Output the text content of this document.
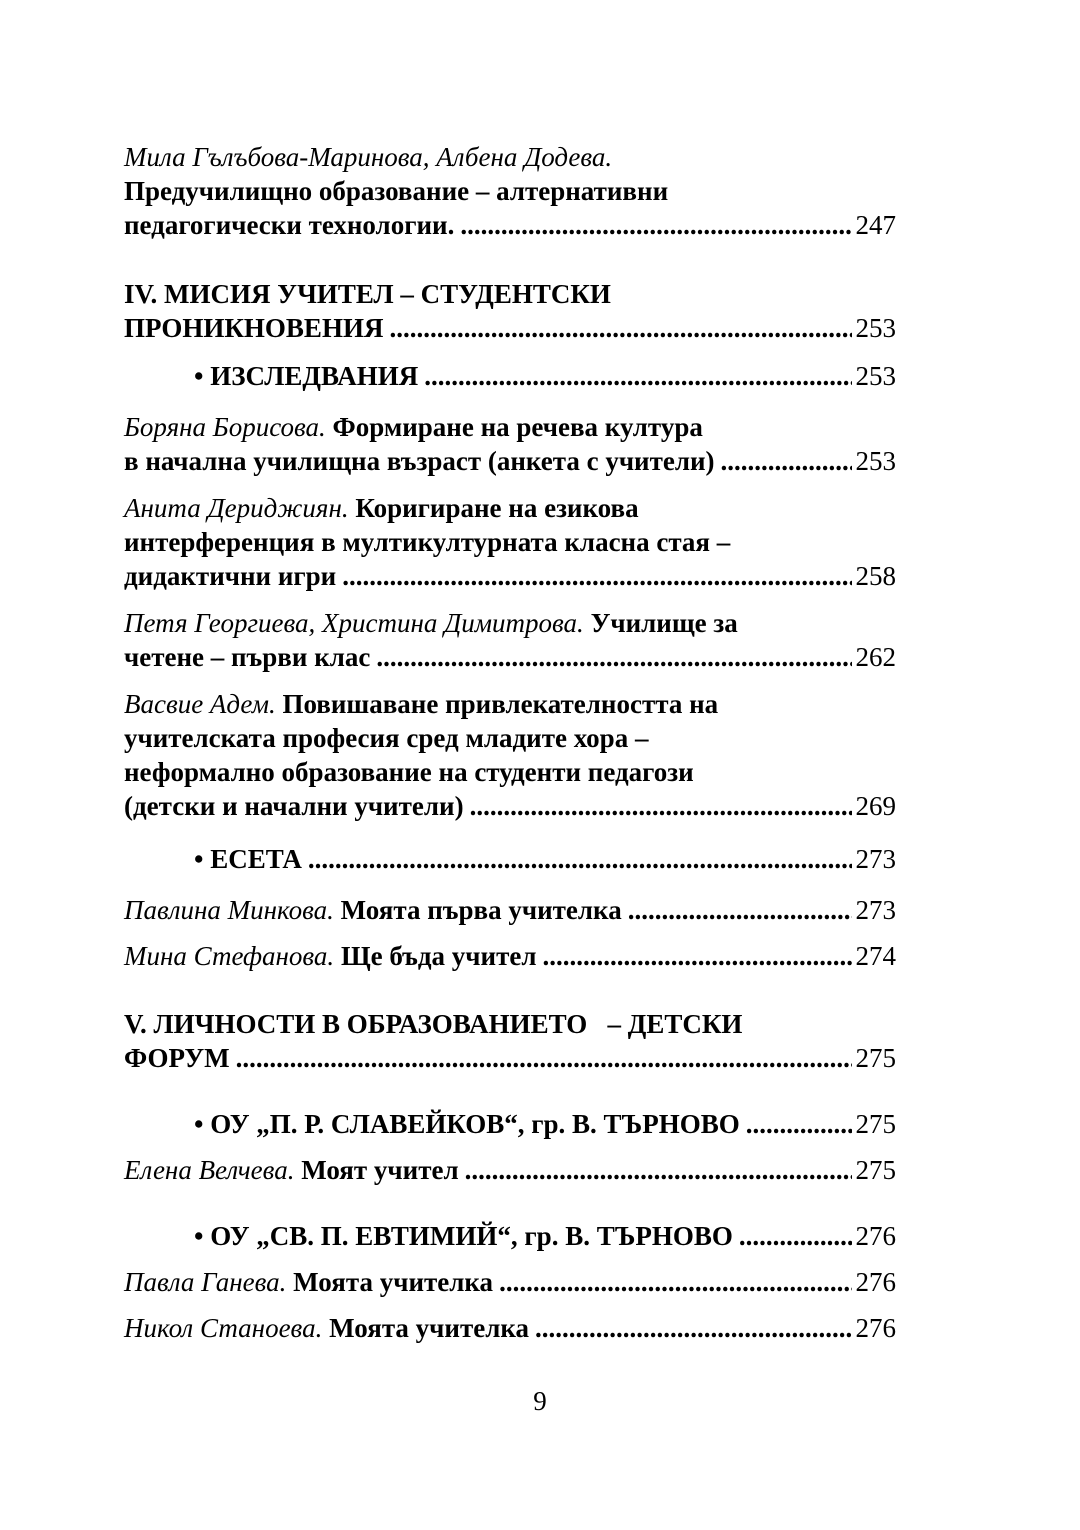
Мила Гълъбова-Маринова, Албена Додева.
Предучилищно образование – алтернативни
педагогически технологии. .....	247
IV. МИСИЯ УЧИТЕЛ – СТУДЕНТСКИ
ПРОНИКНОВЕНИЯ .....	253
• ИЗСЛЕДВАНИЯ .....	253
Боряна Борисова.
Формиране на речева култура
в начална училищна възраст (анкета с учители) .....	253
Анита Дериджиян.
Коригиране на езикова
интерференция в мултикултурната класна стая –
дидактични игри .....	258
Петя Георгиева, Христина Димитрова.
Училище за
четене – първи клас .....	262
Васвие Адем.
Повишаване привлекателността на
учителската професия сред младите хора –
неформално образование на студенти педагози
(детски и начални учители) .....	269
• ЕСЕТА .....	273
Павлина Минкова.
Моята първа учителка .....	273
Мина Стефанова.
Ще бъда учител .....	274
V. ЛИЧНОСТИ В ОБРАЗОВАНИЕТО   – ДЕТСКИ
ФОРУМ .....	275
• ОУ „П. Р. СЛАВЕЙКОВ“, гр. В. ТЪРНОВО .....	275
Елена Велчева.
Моят учител .....	275
• ОУ „СВ. П. ЕВТИМИЙ“, гр. В. ТЪРНОВО .....	276
Павла Ганева.
Моята учителка .....	276
Никол Станоева.
Моята учителка .....	276
9
